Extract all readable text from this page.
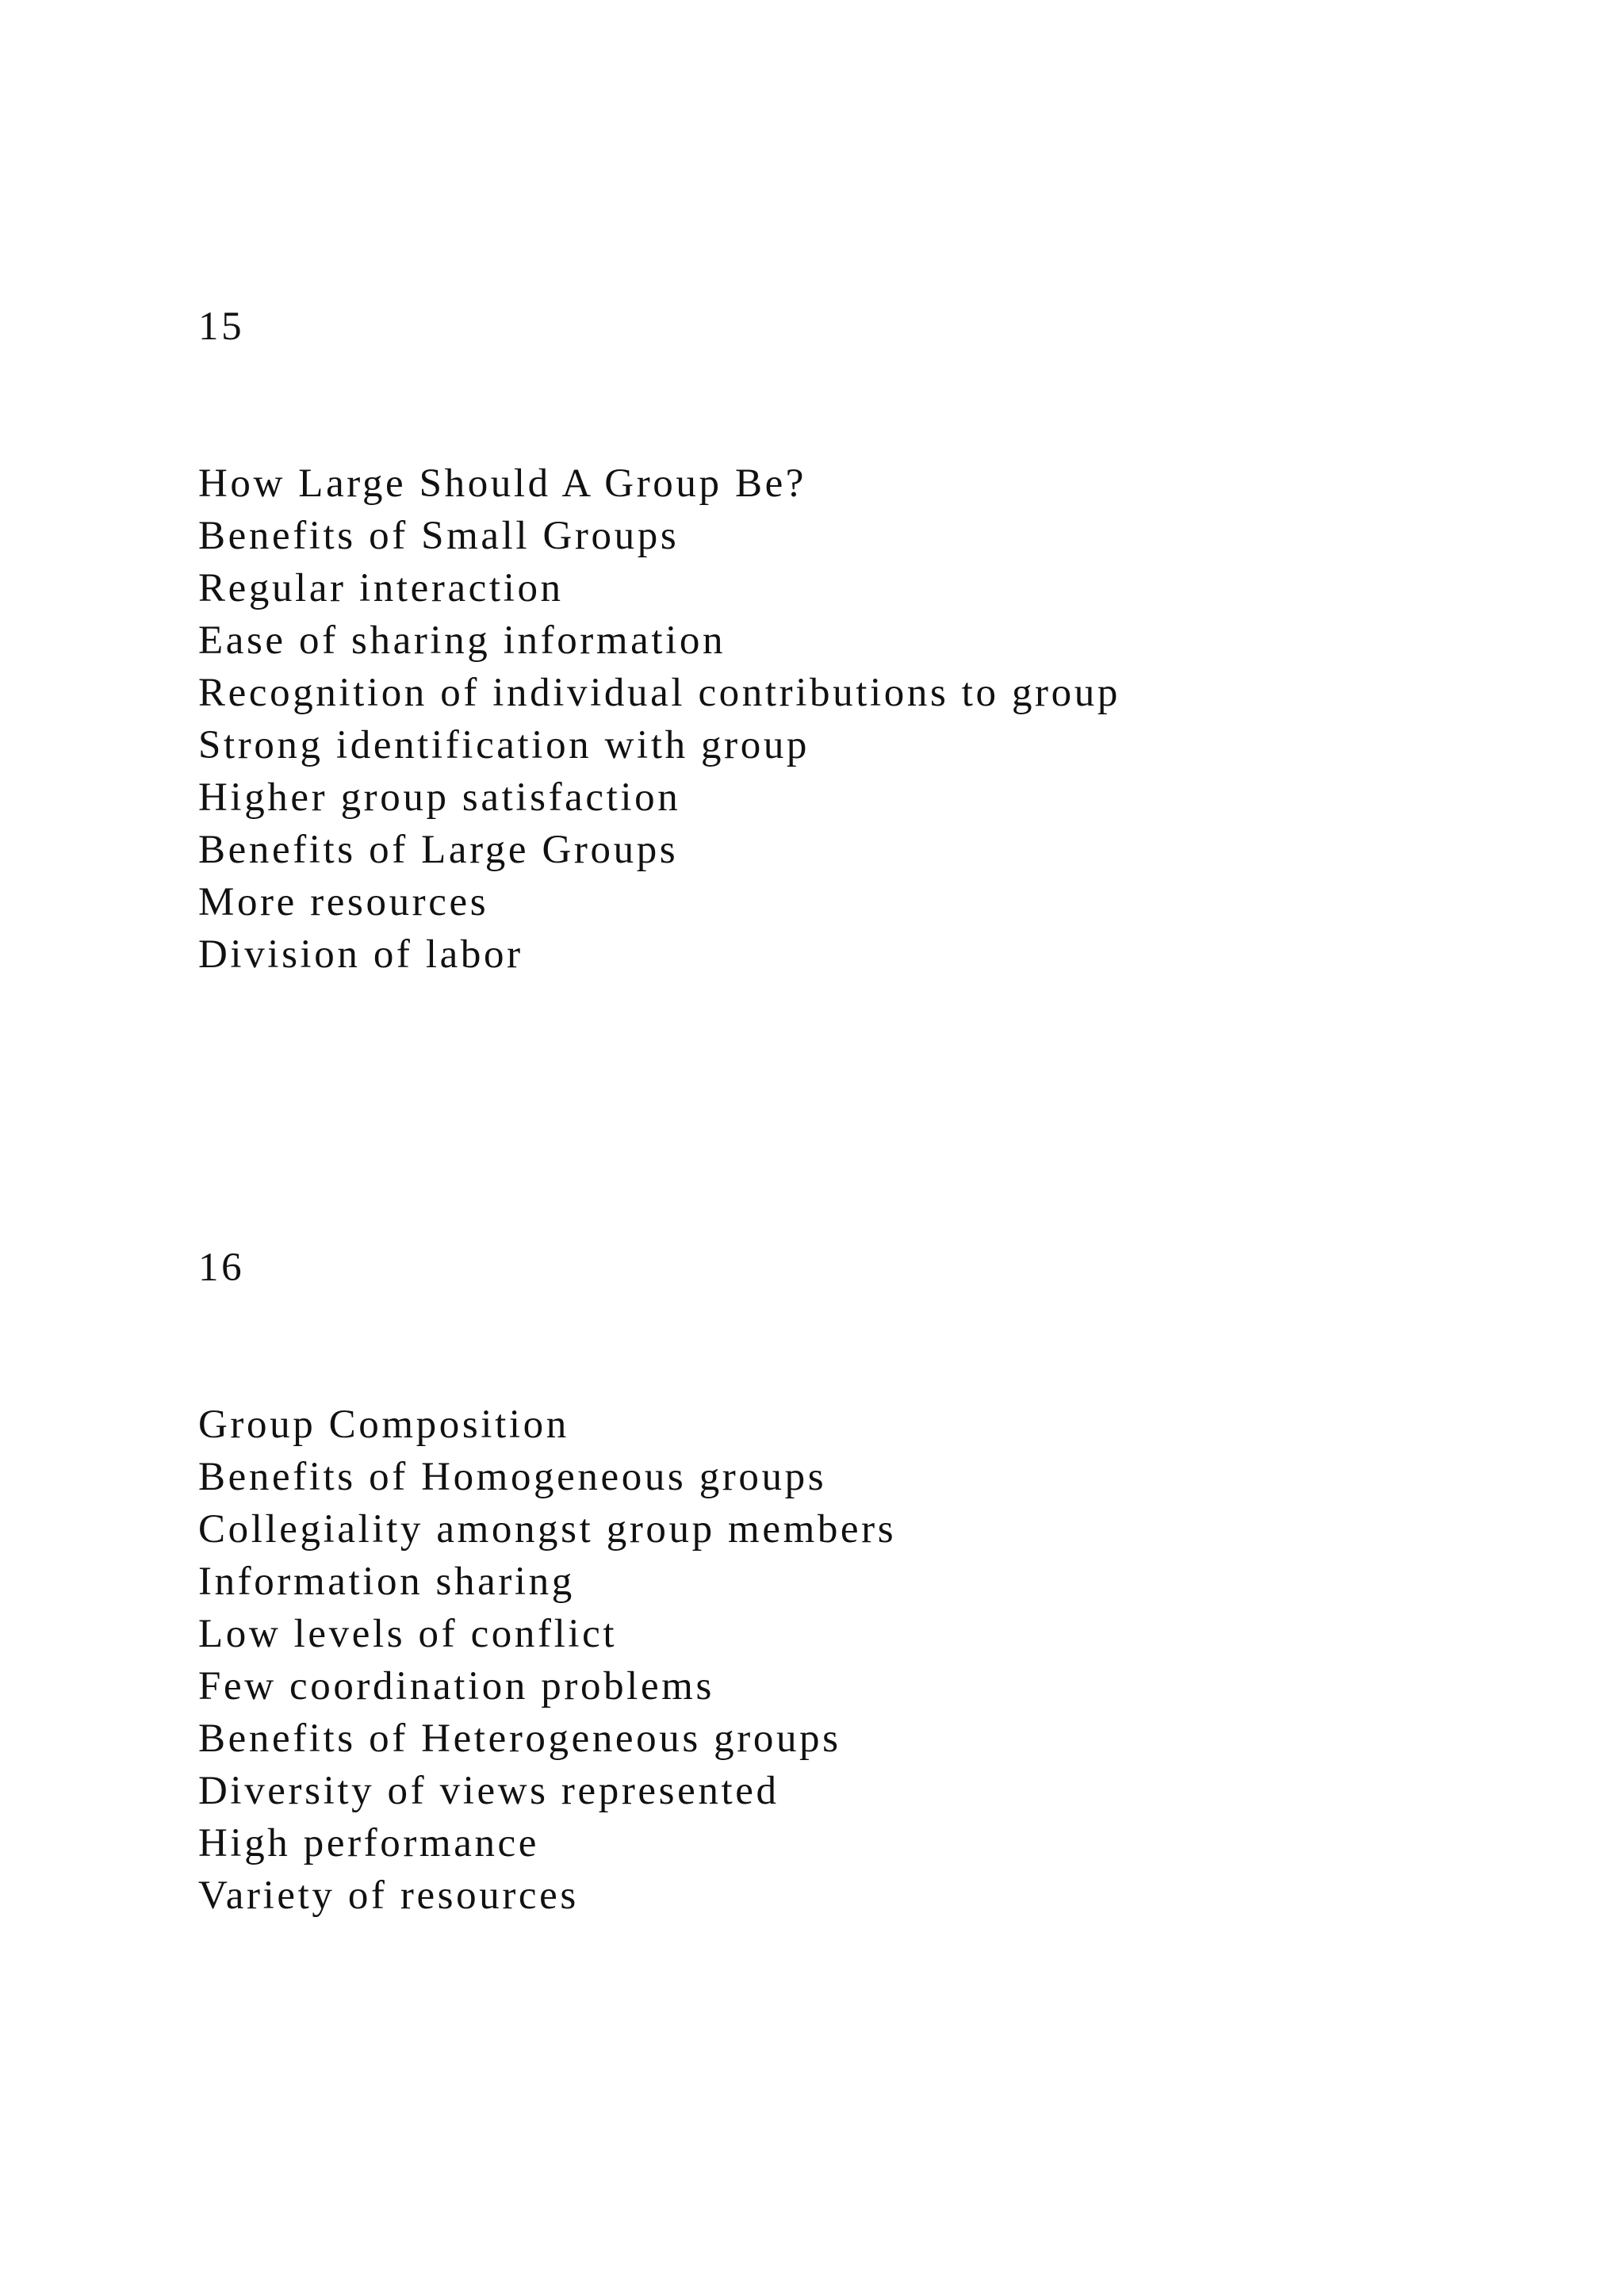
15

How Large Should A Group Be?

Benefits of Small Groups

Regular interaction

Ease of sharing information

Recognition of individual contributions to group

Strong identification with group

Higher group satisfaction

Benefits of Large Groups

More resources

Division of labor

16

Group Composition

Benefits of Homogeneous groups

Collegiality amongst group members

Information sharing

Low levels of conflict

Few coordination problems

Benefits of Heterogeneous groups

Diversity of views represented

High performance

Variety of resources
